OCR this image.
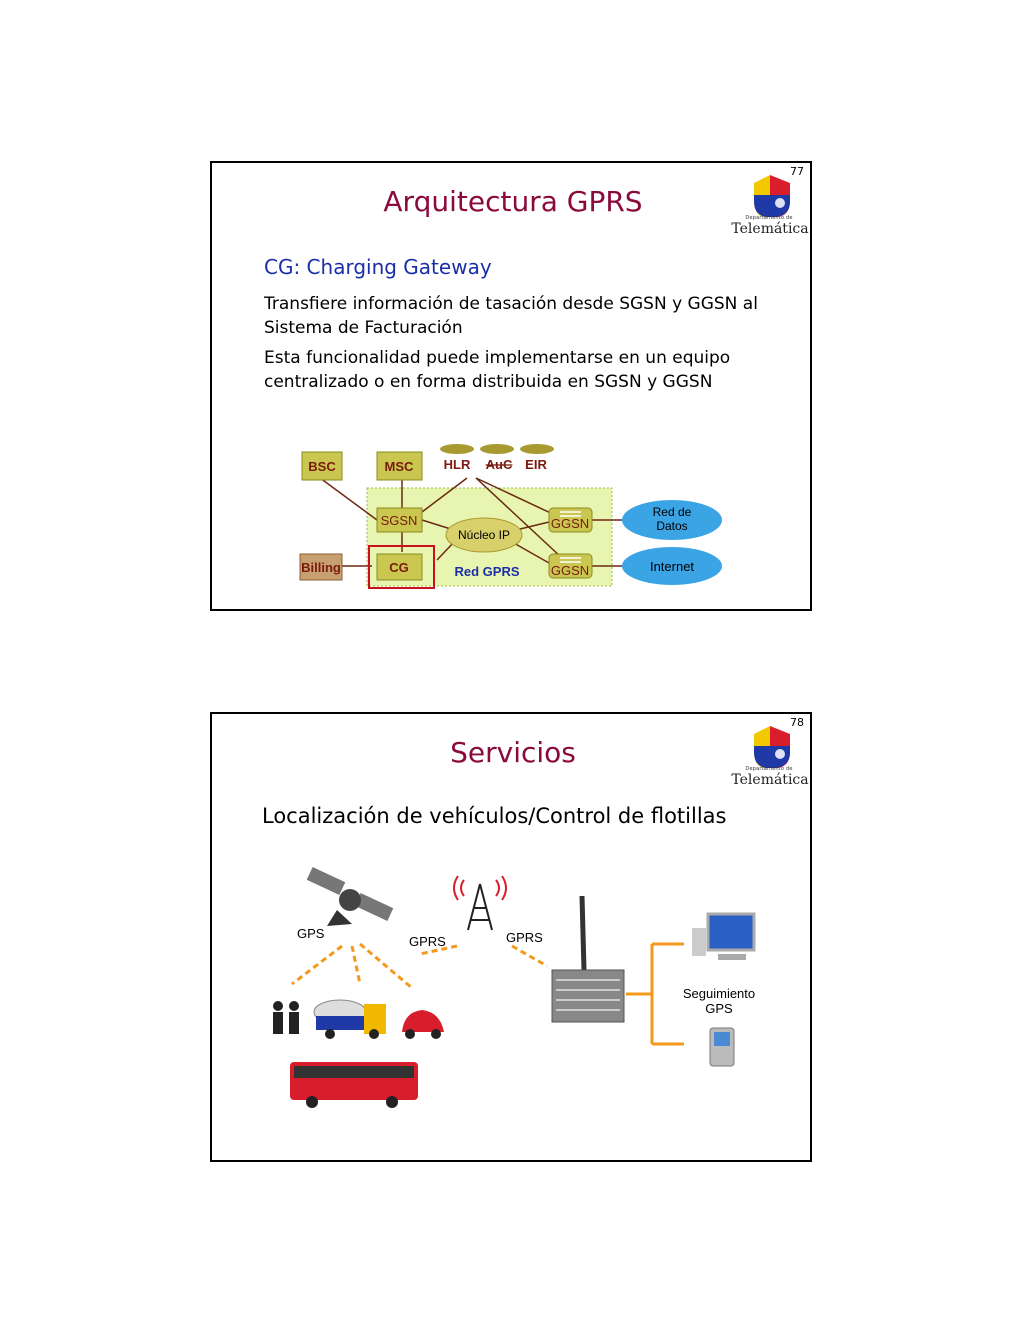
77
Arquitectura GPRS	Departamento de
Telemática
CG: Charging Gateway
Transfiere información de tasación desde SGSN y GGSN al Sistema de Facturación
Esta funcionalidad puede implementarse en un equipo centralizado o en forma distribuida en SGSN y GGSN
BSC	MSC HLR AuC EIR
SGSN
Núcleo IP
GGSN
GGSN
Billing	CG	Red GPRS
Red de
Datos
Internet
78
Servicios	Departamento de
Telemática
Localización de vehículos/Control de flotillas
GPS
GPRS	GPRS
Seguimiento
GPS
